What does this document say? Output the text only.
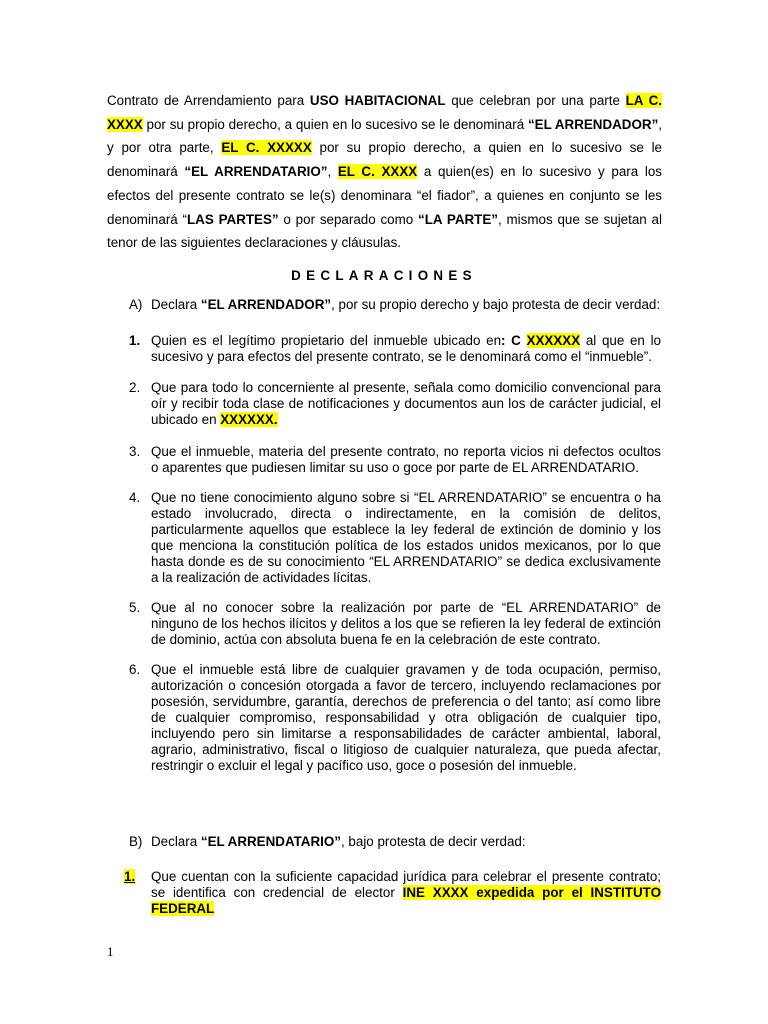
Contrato de Arrendamiento para USO HABITACIONAL que celebran por una parte LA C. XXXX por su propio derecho, a quien en lo sucesivo se le denominará “EL ARRENDADOR”, y por otra parte, EL C. XXXXX por su propio derecho, a quien en lo sucesivo se le denominará “EL ARRENDATARIO”, EL C. XXXX a quien(es) en lo sucesivo y para los efectos del presente contrato se le(s) denominara “el fiador”, a quienes en conjunto se les denominará “LAS PARTES” o por separado como “LA PARTE”, mismos que se sujetan al tenor de las siguientes declaraciones y cláusulas.

DECLARACIONES
A) Declara “EL ARRENDADOR”, por su propio derecho y bajo protesta de decir verdad:

1. Quien es el legítimo propietario del inmueble ubicado en: C XXXXXX al que en lo sucesivo y para efectos del presente contrato, se le denominará como el “inmueble”.

2. Que para todo lo concerniente al presente, señala como domicilio convencional para oír y recibir toda clase de notificaciones y documentos aun los de carácter judicial, el ubicado en XXXXXX.

3. Que el inmueble, materia del presente contrato, no reporta vicios ni defectos ocultos o aparentes que pudiesen limitar su uso o goce por parte de EL ARRENDATARIO.

4. Que no tiene conocimiento alguno sobre si “EL ARRENDATARIO” se encuentra o ha estado involucrado, directa o indirectamente, en la comisión de delitos, particularmente aquellos que establece la ley federal de extinción de dominio y los que menciona la constitución política de los estados unidos mexicanos, por lo que hasta donde es de su conocimiento “EL ARRENDATARIO” se dedica exclusivamente a la realización de actividades lícitas.

5. Que al no conocer sobre la realización por parte de “EL ARRENDATARIO” de ninguno de los hechos ilícitos y delitos a los que se refieren la ley federal de extinción de dominio, actúa con absoluta buena fe en la celebración de este contrato.

6. Que el inmueble está libre de cualquier gravamen y de toda ocupación, permiso, autorización o concesión otorgada a favor de tercero, incluyendo reclamaciones por posesión, servidumbre, garantía, derechos de preferencia o del tanto; así como libre de cualquier compromiso, responsabilidad y otra obligación de cualquier tipo, incluyendo pero sin limitarse a responsabilidades de carácter ambiental, laboral, agrario, administrativo, fiscal o litigioso de cualquier naturaleza, que pueda afectar, restringir o excluir el legal y pacífico uso, goce o posesión del inmueble.

B) Declara “EL ARRENDATARIO”, bajo protesta de decir verdad:

1. Que cuentan con la suficiente capacidad jurídica para celebrar el presente contrato; se identifica con credencial de elector INE XXXX expedida por el INSTITUTO FEDERAL

1
